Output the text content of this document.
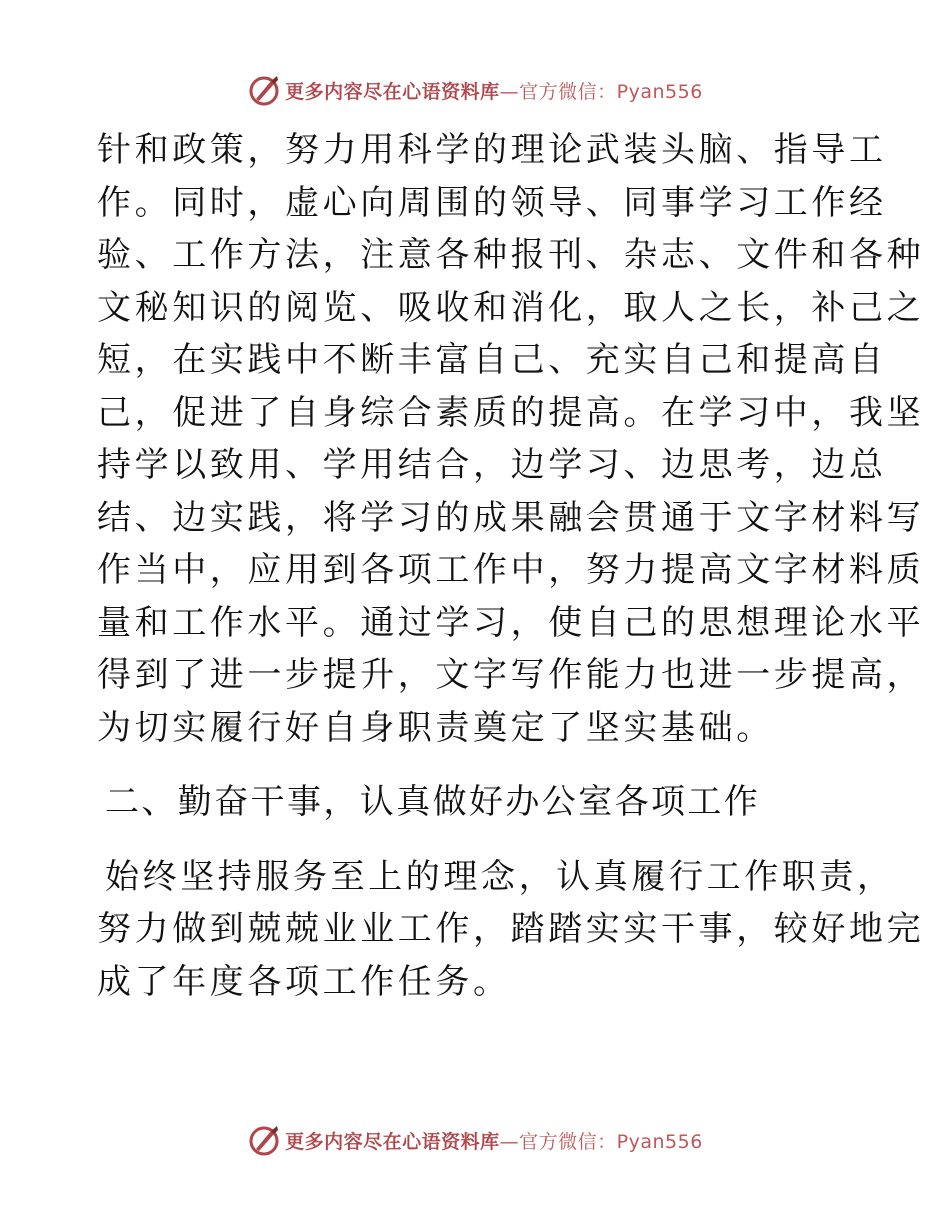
更多内容尽在心语资料库—官方微信：Pyan556
针和政策，努力用科学的理论武装头脑、指导工
作。同时，虚心向周围的领导、同事学习工作经
验、工作方法，注意各种报刊、杂志、文件和各种
文秘知识的阅览、吸收和消化，取人之长，补己之
短，在实践中不断丰富自己、充实自己和提高自
己，促进了自身综合素质的提高。在学习中，我坚
持学以致用、学用结合，边学习、边思考，边总
结、边实践，将学习的成果融会贯通于文字材料写
作当中，应用到各项工作中，努力提高文字材料质
量和工作水平。通过学习，使自己的思想理论水平
得到了进一步提升，文字写作能力也进一步提高，
为切实履行好自身职责奠定了坚实基础。
二、勤奋干事，认真做好办公室各项工作
始终坚持服务至上的理念，认真履行工作职责，
努力做到兢兢业业工作，踏踏实实干事，较好地完
成了年度各项工作任务。
更多内容尽在心语资料库—官方微信：Pyan556
